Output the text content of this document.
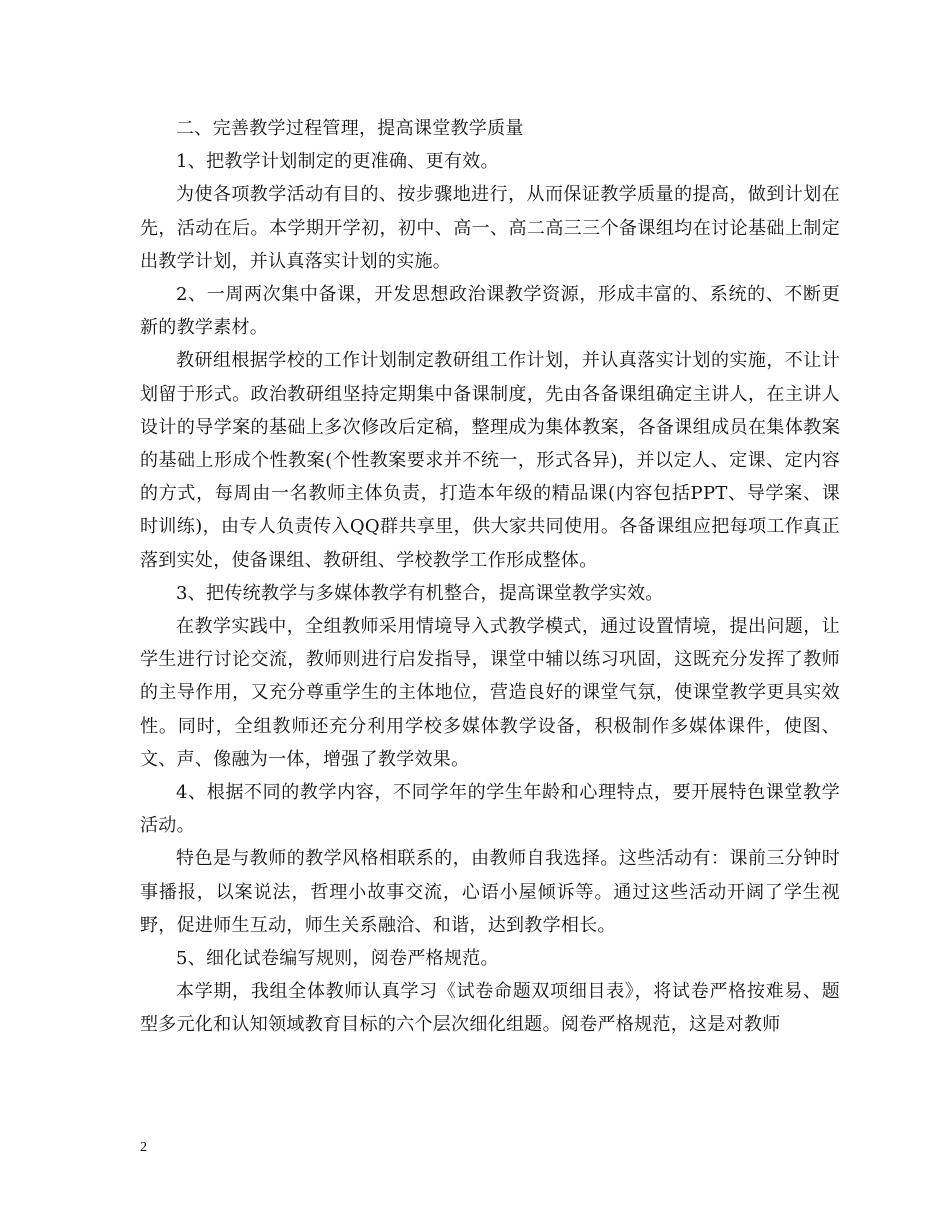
二、完善教学过程管理，提高课堂教学质量

1、把教学计划制定的更准确、更有效。

为使各项教学活动有目的、按步骤地进行，从而保证教学质量的提高，做到计划在先，活动在后。本学期开学初，初中、高一、高二高三三个备课组均在讨论基础上制定出教学计划，并认真落实计划的实施。

2、一周两次集中备课，开发思想政治课教学资源，形成丰富的、系统的、不断更新的教学素材。

教研组根据学校的工作计划制定教研组工作计划，并认真落实计划的实施，不让计划留于形式。政治教研组坚持定期集中备课制度，先由各备课组确定主讲人，在主讲人设计的导学案的基础上多次修改后定稿，整理成为集体教案，各备课组成员在集体教案的基础上形成个性教案(个性教案要求并不统一，形式各异)，并以定人、定课、定内容的方式，每周由一名教师主体负责，打造本年级的精品课(内容包括PPT、导学案、课时训练)，由专人负责传入QQ群共享里，供大家共同使用。各备课组应把每项工作真正落到实处，使备课组、教研组、学校教学工作形成整体。

3、把传统教学与多媒体教学有机整合，提高课堂教学实效。

在教学实践中，全组教师采用情境导入式教学模式，通过设置情境，提出问题，让学生进行讨论交流，教师则进行启发指导，课堂中辅以练习巩固，这既充分发挥了教师的主导作用，又充分尊重学生的主体地位，营造良好的课堂气氛，使课堂教学更具实效性。同时，全组教师还充分利用学校多媒体教学设备，积极制作多媒体课件，使图、文、声、像融为一体，增强了教学效果。

4、根据不同的教学内容，不同学年的学生年龄和心理特点，要开展特色课堂教学活动。

特色是与教师的教学风格相联系的，由教师自我选择。这些活动有：课前三分钟时事播报，以案说法，哲理小故事交流，心语小屋倾诉等。通过这些活动开阔了学生视野，促进师生互动，师生关系融洽、和谐，达到教学相长。

5、细化试卷编写规则，阅卷严格规范。

本学期，我组全体教师认真学习《试卷命题双项细目表》，将试卷严格按难易、题型多元化和认知领域教育目标的六个层次细化组题。阅卷严格规范，这是对教师

2
